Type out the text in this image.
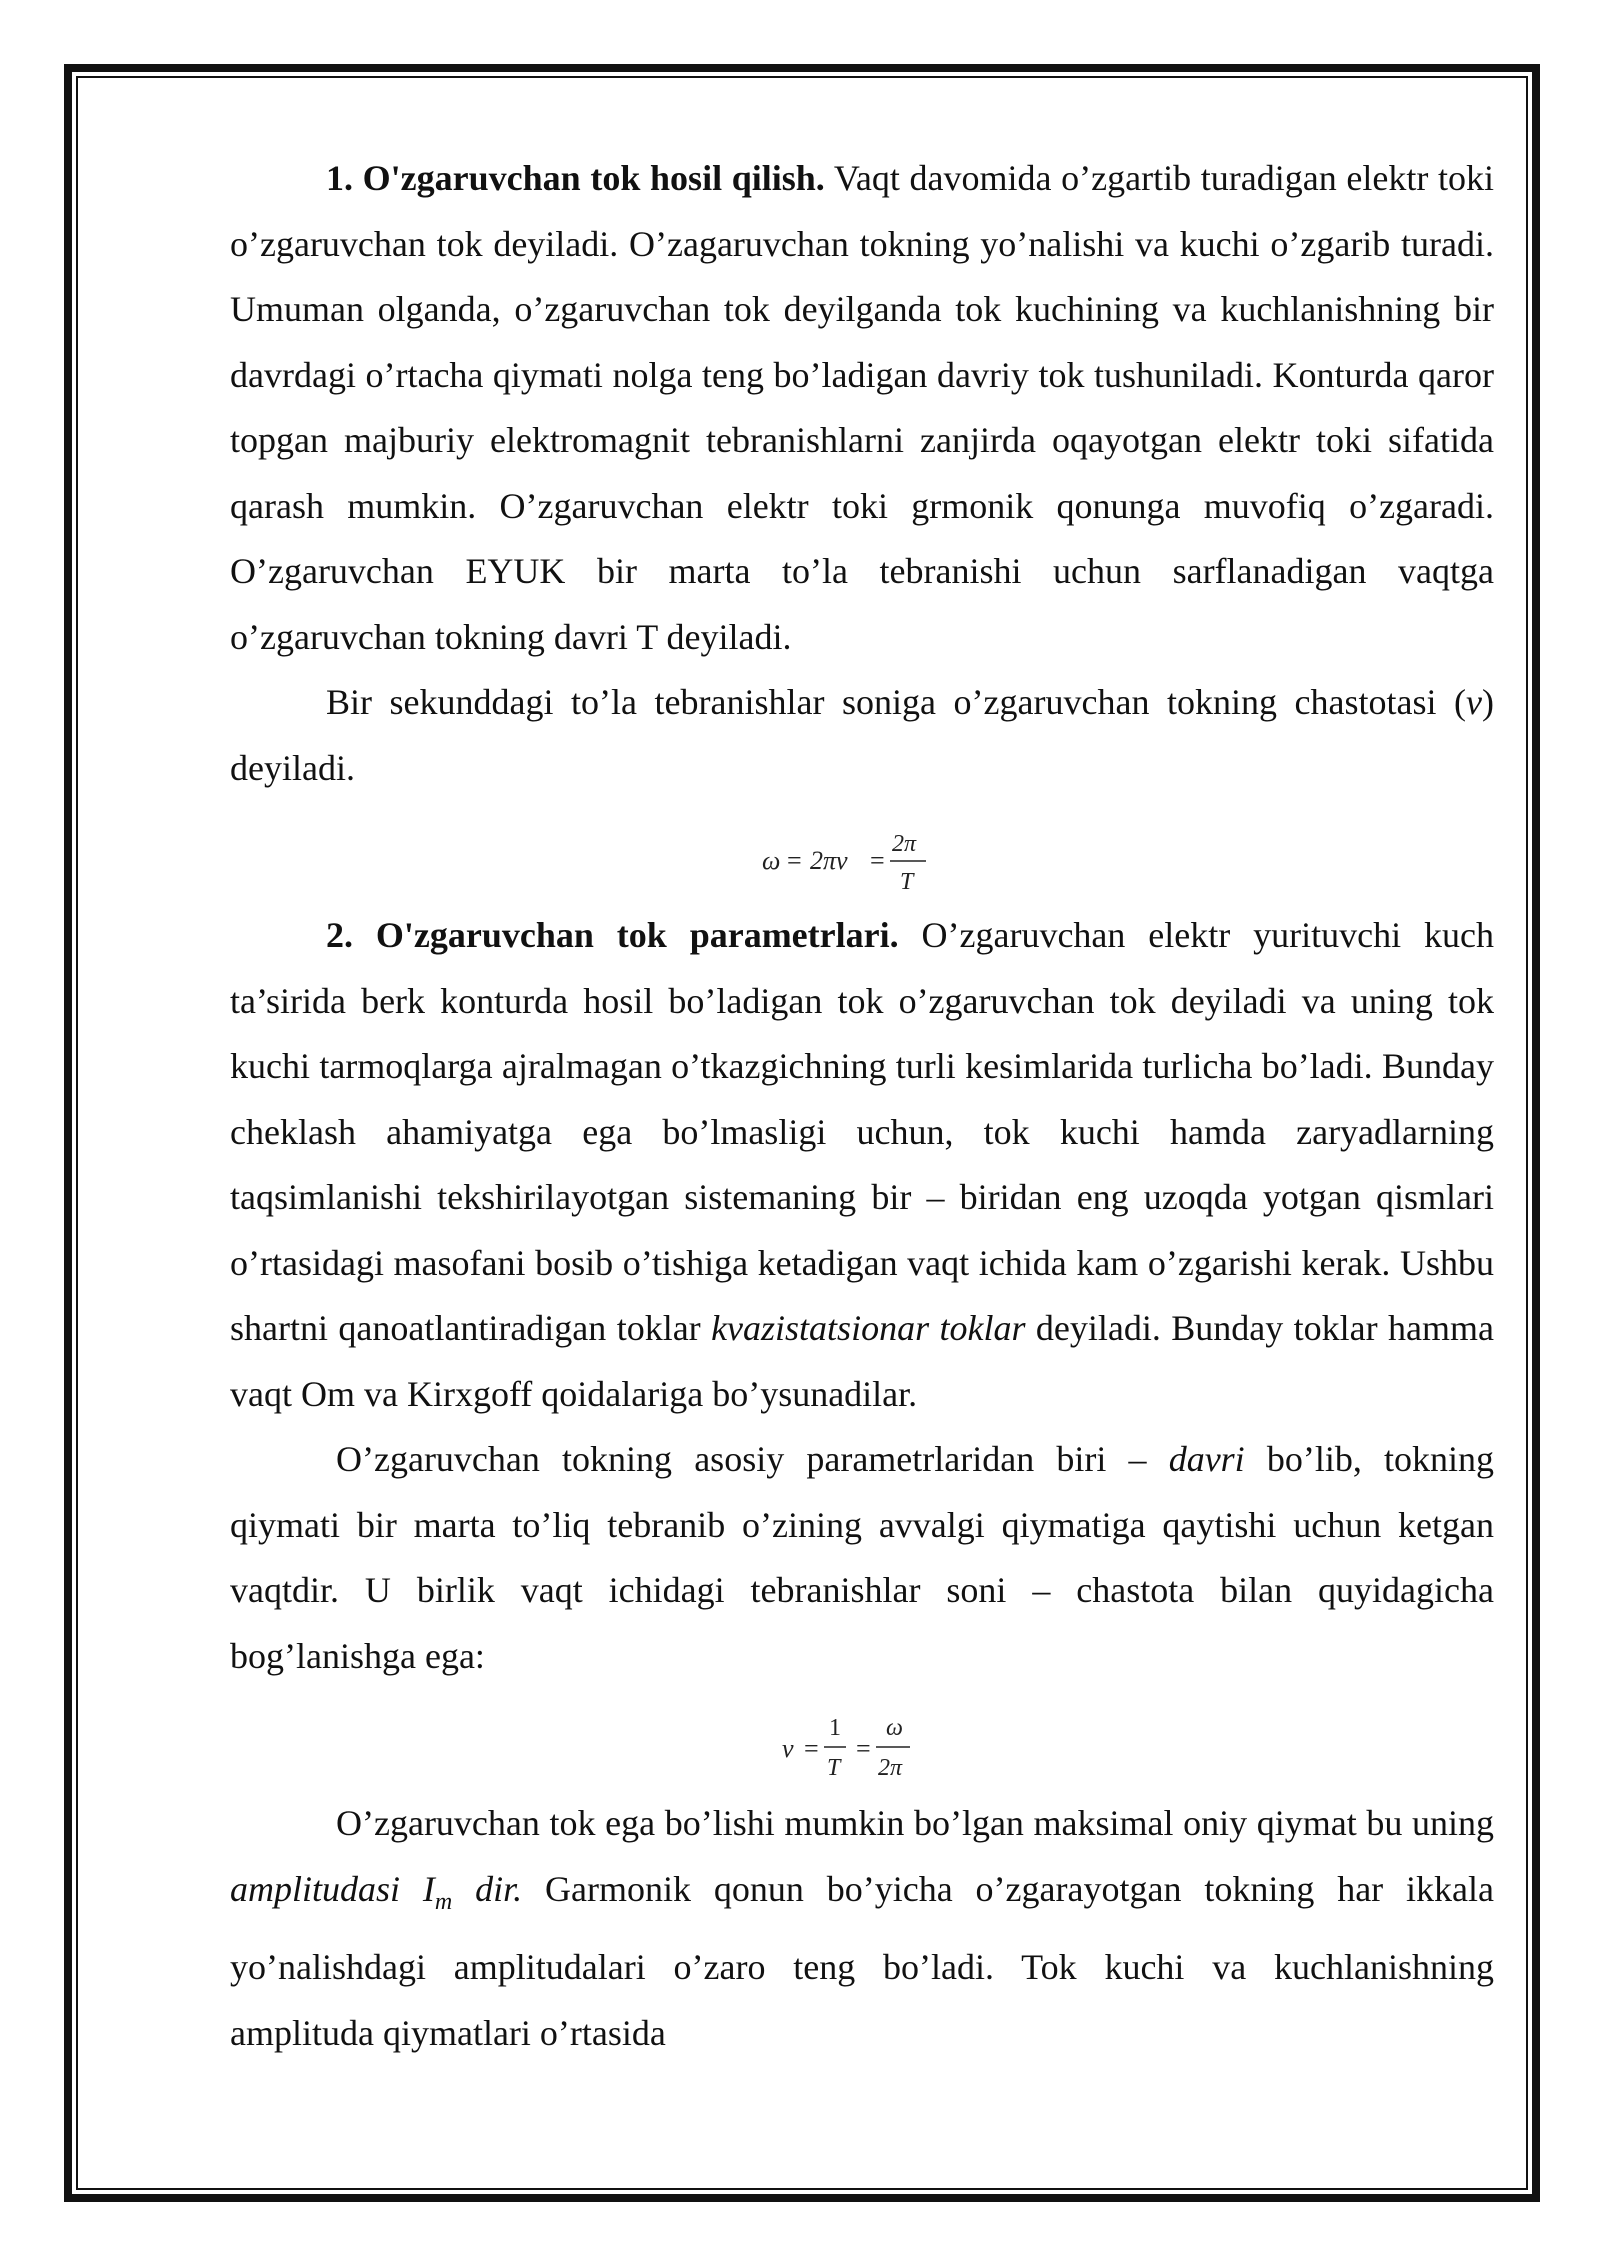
1. O'zgaruvchan tok hosil qilish. Vaqt davomida o’zgartib turadigan elektr toki o’zgaruvchan tok deyiladi. O’zagaruvchan tokning yo’nalishi va kuchi o’zgarib turadi. Umuman olganda, o’zgaruvchan tok deyilganda tok kuchining va kuchlanishning bir davrdagi o’rtacha qiymati nolga teng bo’ladigan davriy tok tushuniladi. Konturda qaror topgan majburiy elektromagnit tebranishlarni zanjirda oqayotgan elektr toki sifatida qarash mumkin. O’zgaruvchan elektr toki grmonik qonunga muvofiq o’zgaradi. O’zgaruvchan EYUK bir marta to’la tebranishi uchun sarflanadigan vaqtga o’zgaruvchan tokning davri T deyiladi.

Bir sekunddagi to’la tebranishlar soniga o’zgaruvchan tokning chastotasi (v) deyiladi.

ω = 2πν =
2π
T

2. O'zgaruvchan tok parametrlari. O’zgaruvchan elektr yurituvchi kuch ta’sirida berk konturda hosil bo’ladigan tok o’zgaruvchan tok deyiladi va uning tok kuchi tarmoqlarga ajralmagan o’tkazgichning turli kesimlarida turlicha bo’ladi. Bunday cheklash ahamiyatga ega bo’lmasligi uchun, tok kuchi hamda zaryadlarning taqsimlanishi tekshirilayotgan sistemaning bir – biridan eng uzoqda yotgan qismlari o’rtasidagi masofani bosib o’tishiga ketadigan vaqt ichida kam o’zgarishi kerak. Ushbu shartni qanoatlantiradigan toklar kvazistatsionar toklar deyiladi. Bunday toklar hamma vaqt Om va Kirxgoff qoidalariga bo’ysunadilar.

O’zgaruvchan tokning asosiy parametrlaridan biri – davri bo’lib, tokning qiymati bir marta to’liq tebranib o’zining avvalgi qiymatiga qaytishi uchun ketgan vaqtdir. U birlik vaqt ichidagi tebranishlar soni – chastota bilan quyidagicha bog’lanishga ega:

ν =
1
T
=
ω
2π

O’zgaruvchan tok ega bo’lishi mumkin bo’lgan maksimal oniy qiymat bu uning amplitudasi $I_m$ dir. Garmonik qonun bo’yicha o’zgarayotgan tokning har ikkala yo’nalishdagi amplitudalari o’zaro teng bo’ladi. Tok kuchi va kuchlanishning amplituda qiymatlari o’rtasida
